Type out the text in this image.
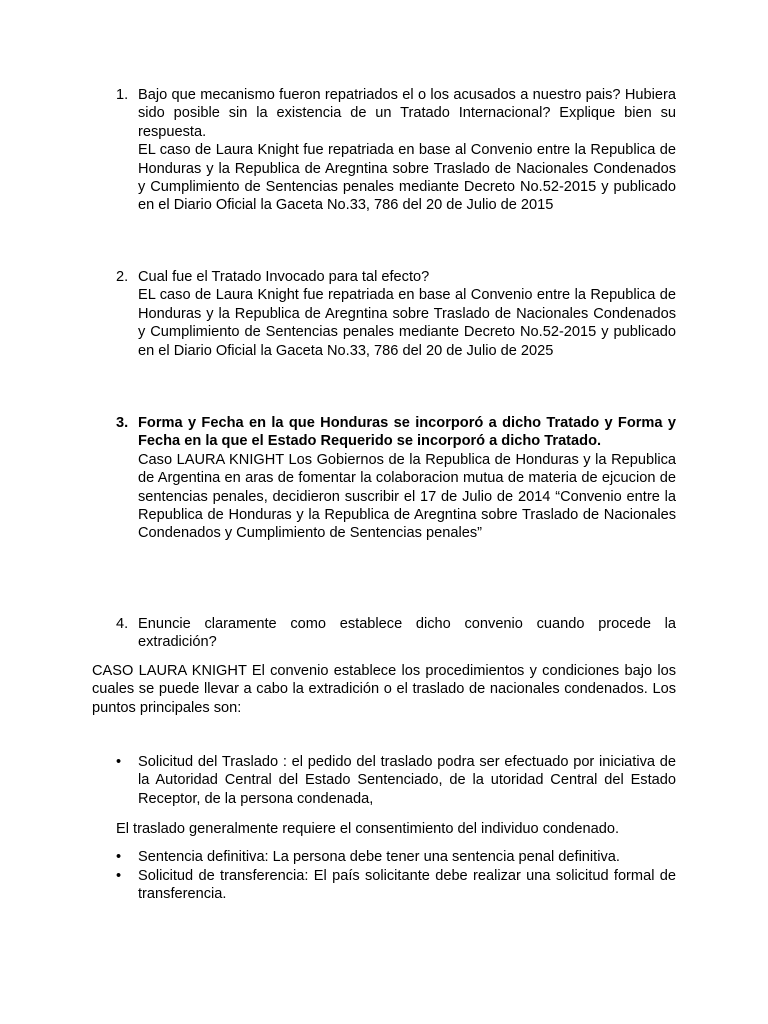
1. Bajo que mecanismo fueron repatriados el o los acusados a nuestro pais? Hubiera sido posible sin la existencia de un Tratado Internacional? Explique bien su respuesta.
EL caso de Laura Knight fue repatriada en base al Convenio entre la Republica de Honduras y la Republica de Aregntina sobre Traslado de Nacionales Condenados y Cumplimiento de Sentencias penales mediante Decreto No.52-2015 y publicado en el Diario Oficial la Gaceta No.33, 786 del 20 de Julio de 2015
2. Cual fue el Tratado Invocado para tal efecto?
EL caso de Laura Knight fue repatriada en base al Convenio entre la Republica de Honduras y la Republica de Aregntina sobre Traslado de Nacionales Condenados y Cumplimiento de Sentencias penales mediante Decreto No.52-2015 y publicado en el Diario Oficial la Gaceta No.33, 786 del 20 de Julio de 2025
3. Forma y Fecha en la que Honduras se incorporó a dicho Tratado y Forma y Fecha en la que el Estado Requerido se incorporó a dicho Tratado.
Caso LAURA KNIGHT Los Gobiernos de la Republica de Honduras y la Republica de Argentina en aras de fomentar la colaboracion mutua de materia de ejcucion de sentencias penales, decidieron suscribir el 17 de Julio de 2014 “Convenio entre la Republica de Honduras y la Republica de Aregntina sobre Traslado de Nacionales Condenados y Cumplimiento de Sentencias penales”
4. Enuncie claramente como establece dicho convenio cuando procede la extradición?
CASO LAURA KNIGHT El convenio establece los procedimientos y condiciones bajo los cuales se puede llevar a cabo la extradición o el traslado de nacionales condenados. Los puntos principales son:
•	Solicitud del Traslado : el pedido del traslado podra ser efectuado por iniciativa de la Autoridad Central del Estado Sentenciado, de la utoridad Central del Estado Receptor, de la persona condenada,
El traslado generalmente requiere el consentimiento del individuo condenado.
•	Sentencia definitiva: La persona debe tener una sentencia penal definitiva.
•	Solicitud de transferencia: El país solicitante debe realizar una solicitud formal de transferencia.
